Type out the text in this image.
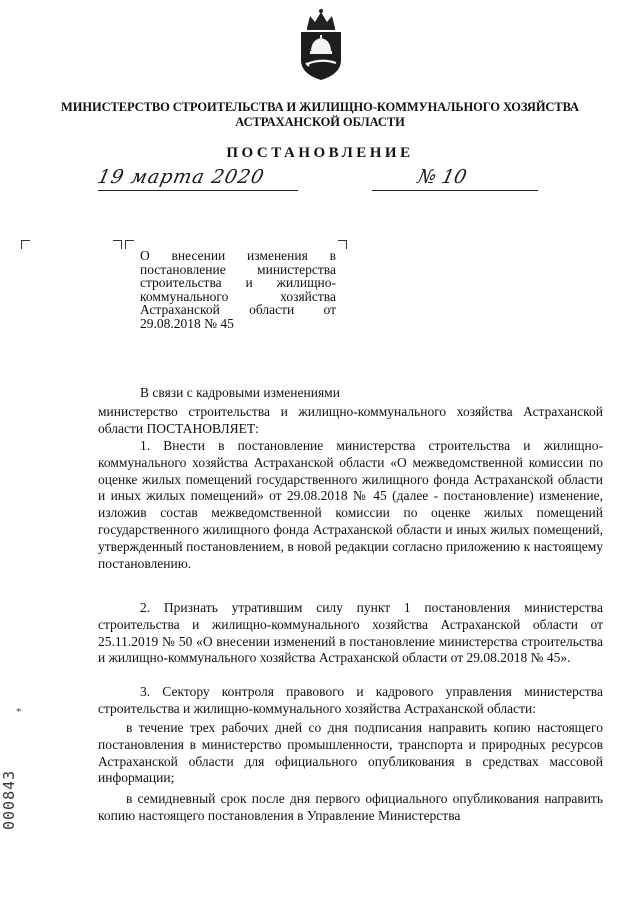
МИНИСТЕРСТВО СТРОИТЕЛЬСТВА И ЖИЛИЩНО-КОММУНАЛЬНОГО ХОЗЯЙСТВА
АСТРАХАНСКОЙ ОБЛАСТИ
ПОСТАНОВЛЕНИЕ
19 марта 2020	№ 10
О внесении изменения в
постановление министерства
строительства и жилищно-
коммунального хозяйства
Астраханской области от
29.08.2018 № 45
В связи с кадровыми изменениями
министерство строительства и жилищно-коммунального хозяйства Астраханской области ПОСТАНОВЛЯЕТ:
1. Внести в постановление министерства строительства и жилищно-коммунального хозяйства Астраханской области «О межведомственной комиссии по оценке жилых помещений государственного жилищного фонда Астраханской области и иных жилых помещений» от 29.08.2018 № 45 (далее - постановление) изменение, изложив состав межведомственной комиссии по оценке жилых помещений государственного жилищного фонда Астраханской области и иных жилых помещений, утвержденный постановлением, в новой редакции согласно приложению к настоящему постановлению.
2. Признать утратившим силу пункт 1 постановления министерства строительства и жилищно-коммунального хозяйства Астраханской области от 25.11.2019 № 50 «О внесении изменений в постановление министерства строительства и жилищно-коммунального хозяйства Астраханской области от 29.08.2018 № 45».
3. Сектору контроля правового и кадрового управления министерства строительства и жилищно-коммунального хозяйства Астраханской области:
в течение трех рабочих дней со дня подписания направить копию настоящего постановления в министерство промышленности, транспорта и природных ресурсов Астраханской области для официального опубликования в средствах массовой информации;
в семидневный срок после дня первого официального опубликования направить копию настоящего постановления в Управление Министерства
*
000843
